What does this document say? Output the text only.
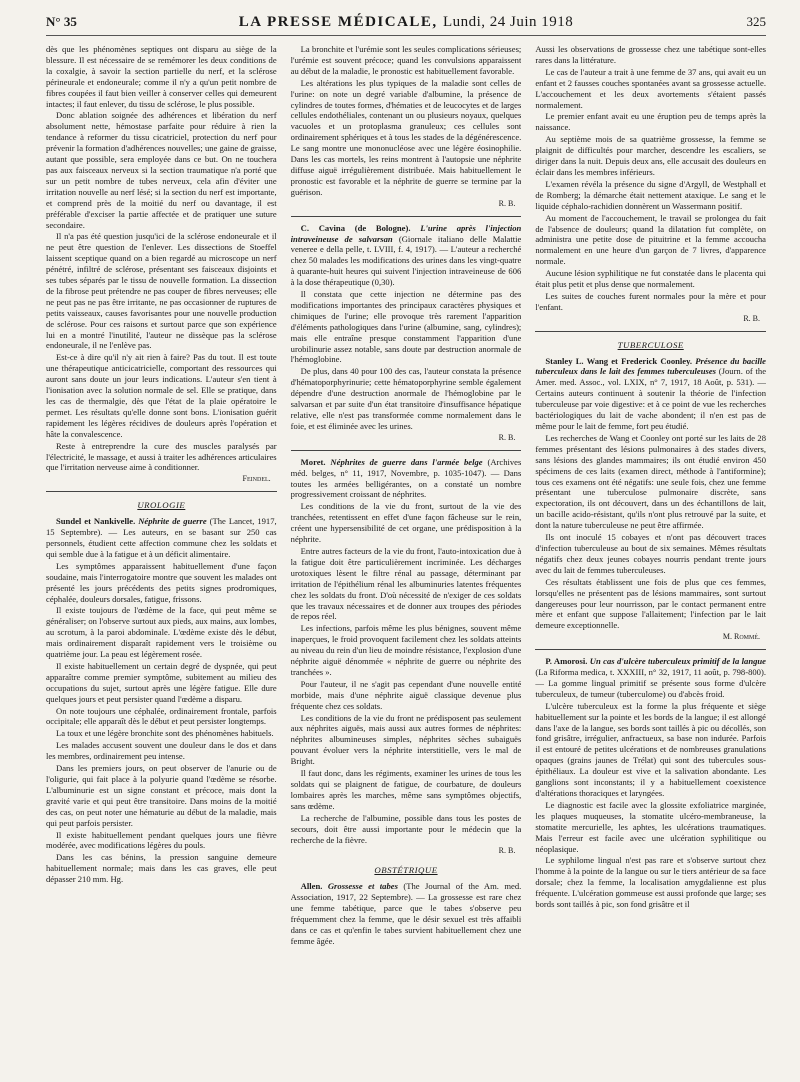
N° 35	LA PRESSE MÉDICALE, Lundi, 24 Juin 1918	325

dès que les phénomènes septiques ont disparu au siège de la blessure. Il est nécessaire de se remémorer les deux conditions de la coxalgie, à savoir la section partielle du nerf, et la sclérose périneurale et endoneurale; comme il n'y a qu'un petit nombre de fibres coupées il faut bien veiller à conserver celles qui demeurent intactes; il faut enlever, du tissu de sclérose, le plus possible.

Donc ablation soignée des adhérences et libération du nerf absolument nette, hémostase parfaite pour réduire à rien la tendance à reformer du tissu cicatriciel, protection du nerf pour prévenir la formation d'adhérences nouvelles; une gaine de graisse, autant que possible, sera employée dans ce but. On ne touchera pas aux faisceaux nerveux si la section traumatique n'a porté que sur un petit nombre de tubes nerveux, cela afin d'éviter une irritation nouvelle au nerf lésé; si la section du nerf est importante, et comprend près de la moitié du nerf ou davantage, il est préférable d'exciser la partie affectée et de pratiquer une suture secondaire.

Il n'a pas été question jusqu'ici de la sclérose endoneurale et il ne peut être question de l'enlever. Les dissections de Stoeffel laissent sceptique quand on a bien regardé au microscope un nerf pénétré, infiltré de sclérose, présentant ses faisceaux disjoints et ses tubes séparés par le tissu de nouvelle formation. La dissection de la fibrose peut prétendre ne pas couper de fibres nerveuses; elle ne peut pas ne pas être irritante, ne pas occasionner de ruptures de petits vaisseaux, causes favorisantes pour une nouvelle production de sclérose. Pour ces raisons et surtout parce que son expérience lui en a montré l'inutilité, l'auteur ne dissèque pas la sclérose endoneurale, il ne l'enlève pas.

Est-ce à dire qu'il n'y ait rien à faire? Pas du tout. Il est toute une thérapeutique anticicatricielle, comportant des ressources qui auront sans doute un jour leurs indications. L'auteur s'en tient à l'ionisation avec la solution normale de sel. Elle se pratique, dans les cas de thermalgie, dès que l'état de la plaie opératoire le permet. Les résultats qu'elle donne sont bons. L'ionisation guérit rapidement les légères récidives de douleurs après l'opération et hâte la convalescence.

Reste à entreprendre la cure des muscles paralysés par l'électricité, le massage, et aussi à traiter les adhérences articulaires que l'irritation nerveuse aime à conditionner.

Feindel.
UROLOGIE

Sundel et Nankivelle. Néphrite de guerre (The Lancet, 1917, 15 Septembre). — Les auteurs, en se basant sur 250 cas personnels, étudient cette affection commune chez les soldats et qui semble due à la fatigue et à un déficit alimentaire.

Les symptômes apparaissent habituellement d'une façon soudaine, mais l'interrogatoire montre que souvent les malades ont présenté les jours précédents des petits signes prodromiques, céphalée, douleurs dorsales, fatigue, frissons.

Il existe toujours de l'œdème de la face, qui peut même se généraliser; on l'observe surtout aux pieds, aux mains, aux lombes, au scrotum, à la paroi abdominale. L'œdème existe dès le début, mais ordinairement disparaît rapidement vers le troisième ou quatrième jour. La peau est légèrement rosée.

Il existe habituellement un certain degré de dyspnée, qui peut apparaître comme premier symptôme, subitement au milieu des occupations du sujet, surtout après une légère fatigue. Elle dure quelques jours et peut persister quand l'œdème a disparu.

On note toujours une céphalée, ordinairement frontale, parfois occipitale; elle apparaît dès le début et peut persister longtemps.

La toux et une légère bronchite sont des phénomènes habituels.

Les malades accusent souvent une douleur dans le dos et dans les membres, ordinairement peu intense.

Dans les premiers jours, on peut observer de l'anurie ou de l'oligurie, qui fait place à la polyurie quand l'œdème se résorbe. L'albuminurie est un signe constant et précoce, mais dont la gravité varie et qui peut être transitoire. Dans moins de la moitié des cas, on peut noter une hématurie au début de la maladie, mais qui peut parfois persister.

Il existe habituellement pendant quelques jours une fièvre modérée, avec modifications légères du pouls.

Dans les cas bénins, la pression sanguine demeure habituellement normale; mais dans les cas graves, elle peut dépasser 210 mm. Hg.

La bronchite et l'urémie sont les seules complications sérieuses; l'urémie est souvent précoce; quand les convulsions apparaissent au début de la maladie, le pronostic est habituellement favorable.

Les altérations les plus typiques de la maladie sont celles de l'urine: on note un degré variable d'albumine, la présence de cylindres de toutes formes, d'hématies et de leucocytes et de larges cellules endothéliales, contenant un ou plusieurs noyaux, quelques vacuoles et un protoplasma granuleux; ces cellules sont ordinairement sphériques et à tous les stades de la dégénérescence. Le sang montre une mononucléose avec une légère éosinophilie. Dans les cas mortels, les reins montrent à l'autopsie une néphrite diffuse aiguë irrégulièrement distribuée. Mais habituellement le pronostic est favorable et la néphrite de guerre se termine par la guérison.

R. B.

C. Cavina (de Bologne). L'urine après l'injection intraveineuse de salvarsan (Giornale italiano delle Malattie veneree e della pelle, t. LVIII, f. 4, 1917). — L'auteur a recherché chez 50 malades les modifications des urines dans les vingt-quatre à quarante-huit heures qui suivent l'injection intraveineuse de 606 à la dose thérapeutique (0,30).

Il constata que cette injection ne détermine pas des modifications importantes des principaux caractères physiques et chimiques de l'urine; elle provoque très rarement l'apparition d'éléments pathologiques dans l'urine (albumine, sang, cylindres); mais elle entraîne presque constamment l'apparition d'une urobilinurie assez notable, sans doute par destruction anormale de l'hémoglobine.

De plus, dans 40 pour 100 des cas, l'auteur constata la présence d'hématoporphyrinurie; cette hématoporphyrine semble également dépendre d'une destruction anormale de l'hémoglobine par le salvarsan et par suite d'un état transitoire d'insuffisance hépatique relative, elle n'est pas transformée comme normalement dans le foie, et est éliminée avec les urines.

R. B.

Moret. Néphrites de guerre dans l'armée belge (Archives méd. belges, n° 11, 1917, Novembre, p. 1035-1047). — Dans toutes les armées belligérantes, on a constaté un nombre progressivement croissant de néphrites.

Les conditions de la vie du front, surtout de la vie des tranchées, retentissent en effet d'une façon fâcheuse sur le rein, créent une hypersensibilité de cet organe, une prédisposition à la néphrite.

Entre autres facteurs de la vie du front, l'auto-intoxication due à la fatigue doit être particulièrement incriminée. Les décharges urotoxiques lèsent le filtre rénal au passage, déterminant par irritation de l'épithélium rénal les albuminuries latentes fréquentes chez les soldats du front. D'où nécessité de n'exiger de ces soldats que les travaux nécessaires et de donner aux troupes des périodes de repos réel.

Les infections, parfois même les plus bénignes, souvent même inaperçues, le froid provoquent facilement chez les soldats atteints au niveau du rein d'un lieu de moindre résistance, l'explosion d'une néphrite aiguë dénommée « néphrite de guerre ou néphrite des tranchées ».

Pour l'auteur, il ne s'agit pas cependant d'une nouvelle entité morbide, mais d'une néphrite aiguë classique devenue plus fréquente chez ces soldats.

Les conditions de la vie du front ne prédisposent pas seulement aux néphrites aiguës, mais aussi aux autres formes de néphrites: néphrites albumineuses simples, néphrites sèches subaiguës pouvant évoluer vers la néphrite interstitielle, vers le mal de Bright.

Il faut donc, dans les régiments, examiner les urines de tous les soldats qui se plaignent de fatigue, de courbature, de douleurs lombaires après les marches, même sans symptômes objectifs, sans œdème.

La recherche de l'albumine, possible dans tous les postes de secours, doit être aussi importante pour le médecin que la recherche de la fièvre.

R. B.
OBSTÉTRIQUE

Allen. Grossesse et tabes (The Journal of the Am. med. Association, 1917, 22 Septembre). — La grossesse est rare chez une femme tabétique, parce que le tabes s'observe peu fréquemment chez la femme, que le désir sexuel est très affaibli dans ce cas et qu'enfin le tabes survient habituellement chez une femme âgée.

Aussi les observations de grossesse chez une tabétique sont-elles rares dans la littérature.

Le cas de l'auteur a trait à une femme de 37 ans, qui avait eu un enfant et 2 fausses couches spontanées avant sa grossesse actuelle. L'accouchement et les deux avortements s'étaient passés normalement.

Le premier enfant avait eu une éruption peu de temps après la naissance.

Au septième mois de sa quatrième grossesse, la femme se plaignit de difficultés pour marcher, descendre les escaliers, se diriger dans la nuit. Depuis deux ans, elle accusait des douleurs en éclair dans les membres inférieurs.

L'examen révéla la présence du signe d'Argyll, de Westphall et de Romberg; la démarche était nettement ataxique. Le sang et le liquide céphalo-rachidien donnèrent un Wassermann positif.

Au moment de l'accouchement, le travail se prolongea du fait de l'absence de douleurs; quand la dilatation fut complète, on administra une petite dose de pituitrine et la femme accoucha normalement en une heure d'un garçon de 7 livres, d'apparence normale.

Aucune lésion syphilitique ne fut constatée dans le placenta qui était plus petit et plus dense que normalement.

Les suites de couches furent normales pour la mère et pour l'enfant.

R. B.
TUBERCULOSE

Stanley L. Wang et Frederick Coonley. Présence du bacille tuberculeux dans le lait des femmes tuberculeuses (Journ. of the Amer. med. Assoc., vol. LXIX, n° 7, 1917, 18 Août, p. 531). — Certains auteurs continuent à soutenir la théorie de l'infection tuberculeuse par voie digestive: et à ce point de vue les recherches bactériologiques du lait de vache abondent; il n'en est pas de même pour le lait de femme, fort peu étudié.

Les recherches de Wang et Coonley ont porté sur les laits de 28 femmes présentant des lésions pulmonaires à des stades divers, sans lésions des glandes mammaires; ils ont étudié environ 450 spécimens de ces laits (examen direct, méthode à l'antiformine); tous ces examens ont été négatifs: une seule fois, chez une femme présentant une tuberculose pulmonaire discrète, sans expectoration, ils ont découvert, dans un des échantillons de lait, un bacille acido-résistant, qu'ils n'ont plus retrouvé par la suite, et dont la nature tuberculeuse ne peut être affirmée.

Ils ont inoculé 15 cobayes et n'ont pas découvert traces d'infection tuberculeuse au bout de six semaines. Mêmes résultats négatifs chez deux jeunes cobayes nourris pendant trente jours avec du lait de femmes tuberculeuses.

Ces résultats établissent une fois de plus que ces femmes, lorsqu'elles ne présentent pas de lésions mammaires, sont surtout dangereuses pour leur nourrisson, par le contact permanent entre mère et enfant que suppose l'allaitement; l'infection par le lait demeure exceptionnelle.

M. Rommé.

P. Amorosi. Un cas d'ulcère tuberculeux primitif de la langue (La Riforma medica, t. XXXIII, n° 32, 1917, 11 août, p. 798-800). — La gomme lingual primitif se présente sous forme d'ulcère tuberculeux, de tumeur (tuberculome) ou d'abcès froid.

L'ulcère tuberculeux est la forme la plus fréquente et siège habituellement sur la pointe et les bords de la langue; il est allongé dans l'axe de la langue, ses bords sont taillés à pic ou décollés, son fond grisâtre, irrégulier, anfractueux, sa base non indurée. Parfois il est entouré de petites ulcérations et de nombreuses granulations opaques (grains jaunes de Trélat) qui sont des tubercules sous-épithéliaux. La douleur est vive et la salivation abondante. Les ganglions sont inconstants; il y a habituellement coexistence d'altérations thoraciques et laryngées.

Le diagnostic est facile avec la glossite exfoliatrice marginée, les plaques muqueuses, la stomatite ulcéro-membraneuse, la stomatite mercurielle, les aphtes, les ulcérations traumatiques. Mais l'erreur est facile avec une ulcération syphilitique ou néoplasique.

Le syphilome lingual n'est pas rare et s'observe surtout chez l'homme à la pointe de la langue ou sur le tiers antérieur de sa face dorsale; chez la femme, la localisation amygdalienne est plus fréquente. L'ulcération gommeuse est aussi profonde que large; ses bords sont taillés à pic, son fond grisâtre et il
